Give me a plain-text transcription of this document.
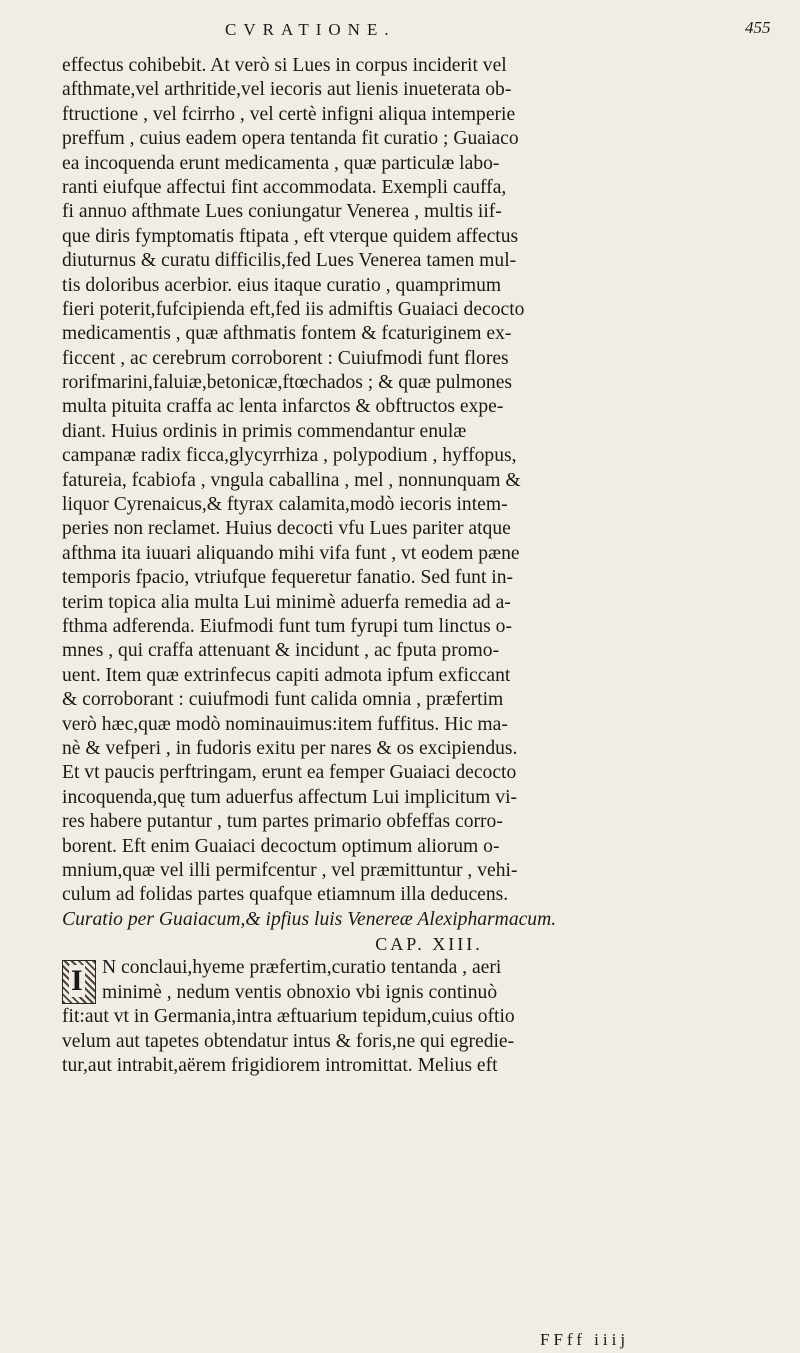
CVRATIONE.	455
effectus cohibebit. At verò si Lues in corpus inciderit vel
afthmate,vel arthritide,vel iecoris aut lienis inueterata ob-
ftructione , vel fcirrho , vel certè infigni aliqua intemperie
preffum , cuius eadem opera tentanda fit curatio ; Guaiaco
ea incoquenda erunt medicamenta , quæ particulæ labo-
ranti eiufque affectui fint accommodata. Exempli cauffa,
fi annuo afthmate Lues coniungatur Venerea , multis iif-
que diris fymptomatis ftipata , eft vterque quidem affectus
diuturnus & curatu difficilis,fed Lues Venerea tamen mul-
tis doloribus acerbior. eius itaque curatio , quamprimum
fieri poterit,fufcipienda eft,fed iis admiftis Guaiaci decocto
medicamentis , quæ afthmatis fontem & fcaturiginem ex-
ficcent , ac cerebrum corroborent : Cuiufmodi funt flores
rorifmarini,faluiæ,betonicæ,ftœchados ; & quæ pulmones
multa pituita craffa ac lenta infarctos & obftructos expe-
diant. Huius ordinis in primis commendantur enulæ
campanæ radix ficca,glycyrrhiza , polypodium , hyffopus,
fatureia, fcabiofa , vngula caballina , mel , nonnunquam &
liquor Cyrenaicus,& ftyrax calamita,modò iecoris intem-
peries non reclamet. Huius decocti vfu Lues pariter atque
afthma ita iuuari aliquando mihi vifa funt , vt eodem pæne
temporis fpacio, vtriufque fequeretur fanatio. Sed funt in-
terim topica alia multa Lui minimè aduerfa remedia ad a-
fthma adferenda. Eiufmodi funt tum fyrupi tum linctus o-
mnes , qui craffa attenuant & incidunt , ac fputa promo-
uent. Item quæ extrinfecus capiti admota ipfum exficcant
& corroborant : cuiufmodi funt calida omnia , præfertim
verò hæc,quæ modò nominauimus:item fuffitus. Hic ma-
nè & vefperi , in fudoris exitu per nares & os excipiendus.
Et vt paucis perftringam, erunt ea femper Guaiaci decocto
incoquenda,quę tum aduerfus affectum Lui implicitum vi-
res habere putantur , tum partes primario obfeffas corro-
borent. Eft enim Guaiaci decoctum optimum aliorum o-
mnium,quæ vel illi permifcentur , vel præmittuntur , vehi-
culum ad folidas partes quafque etiamnum illa deducens.
Curatio per Guaiacum,& ipfius luis Venereæ Alexipharmacum.
CAP. XIII.
I N conclaui,hyeme præfertim,curatio tentanda , aeri
minimè , nedum ventis obnoxio vbi ignis continuò
fit:aut vt in Germania,intra æftuarium tepidum,cuius oftio
velum aut tapetes obtendatur intus & foris,ne qui egredie-
tur,aut intrabit,aërem frigidiorem intromittat. Melius eft
FFff iiij
